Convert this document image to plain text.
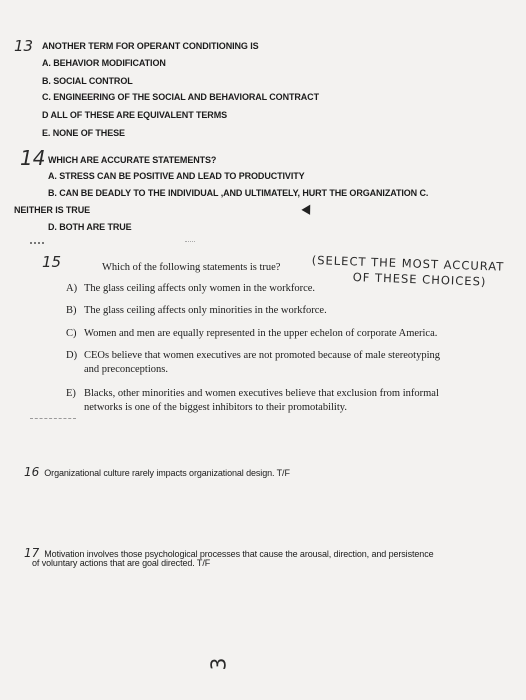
13 ANOTHER TERM FOR OPERANT CONDITIONING IS
A. BEHAVIOR MODIFICATION
B. SOCIAL CONTROL
C. ENGINEERING OF THE SOCIAL AND BEHAVIORAL CONTRACT
D ALL OF THESE ARE EQUIVALENT TERMS
E. NONE OF THESE
14 WHICH ARE ACCURATE STATEMENTS?
A. STRESS CAN BE POSITIVE AND LEAD TO PRODUCTIVITY
B. CAN BE DEADLY TO THE INDIVIDUAL ,AND ULTIMATELY, HURT THE ORGANIZATION C.
NEITHER IS TRUE
D. BOTH ARE TRUE
15	Which of the following statements is true?	(SELECT THE MOST ACCURAT
OF THESE CHOICES)
A) The glass ceiling affects only women in the workforce.
B) The glass ceiling affects only minorities in the workforce.
C) Women and men are equally represented in the upper echelon of corporate America.
D) CEOs believe that women executives are not promoted because of male stereotyping
and preconceptions.
E) Blacks, other minorities and women executives believe that exclusion from informal
networks is one of the biggest inhibitors to their promotability.
16 Organizational culture rarely impacts organizational design. T/F
17 Motivation involves those psychological processes that cause the arousal, direction, and persistence
of voluntary actions that are goal directed. T/F
3
